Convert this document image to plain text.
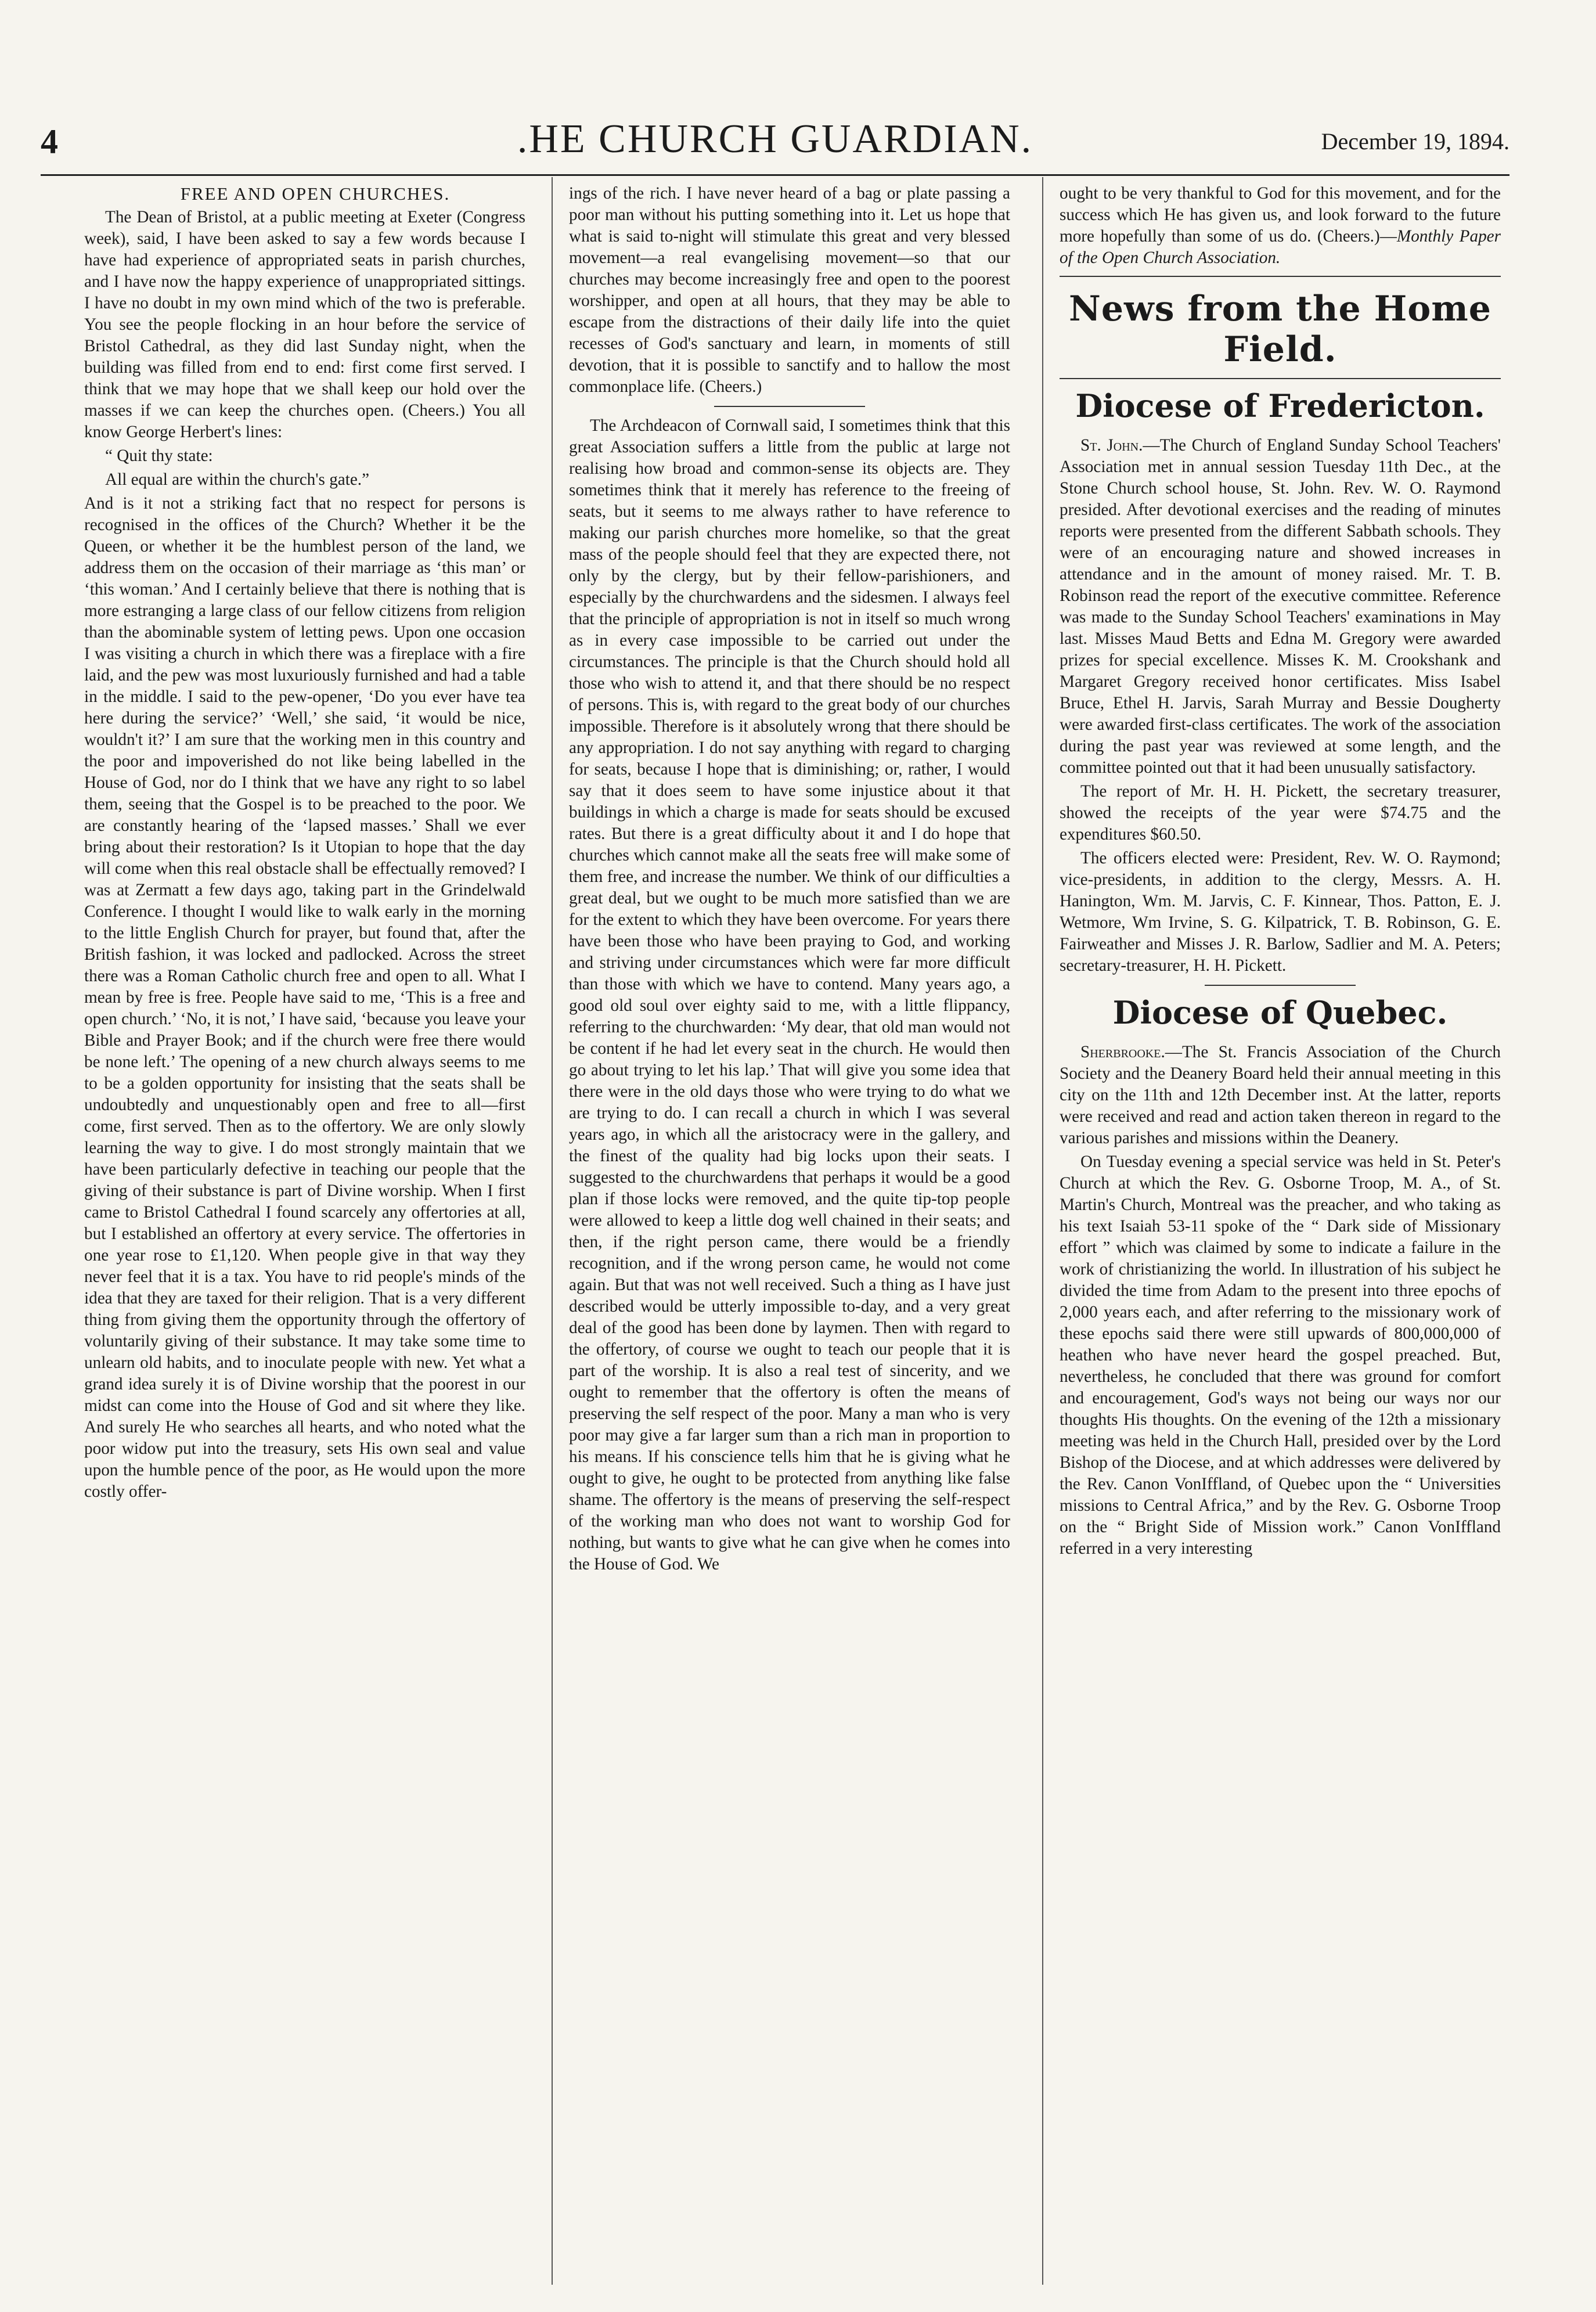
4	.HE CHURCH GUARDIAN.	December 19, 1894.

FREE AND OPEN CHURCHES.

The Dean of Bristol, at a public meeting at Exeter (Congress week), said, I have been asked to say a few words because I have had experience of appropriated seats in parish churches, and I have now the happy experience of unappropriated sittings. I have no doubt in my own mind which of the two is preferable. You see the people flocking in an hour before the service of Bristol Cathedral, as they did last Sunday night, when the building was filled from end to end: first come first served. I think that we may hope that we shall keep our hold over the masses if we can keep the churches open. (Cheers.) You all know George Herbert's lines:

“ Quit thy state:

All equal are within the church's gate.”

And is it not a striking fact that no respect for persons is recognised in the offices of the Church? Whether it be the Queen, or whether it be the humblest person of the land, we address them on the occasion of their marriage as ‘this man’ or ‘this woman.’ And I certainly believe that there is nothing that is more estranging a large class of our fellow citizens from religion than the abominable system of letting pews. Upon one occasion I was visiting a church in which there was a fireplace with a fire laid, and the pew was most luxuriously furnished and had a table in the middle. I said to the pew-opener, ‘Do you ever have tea here during the service?’ ‘Well,’ she said, ‘it would be nice, wouldn't it?’ I am sure that the working men in this country and the poor and impoverished do not like being labelled in the House of God, nor do I think that we have any right to so label them, seeing that the Gospel is to be preached to the poor. We are constantly hearing of the ‘lapsed masses.’ Shall we ever bring about their restoration? Is it Utopian to hope that the day will come when this real obstacle shall be effectually removed? I was at Zermatt a few days ago, taking part in the Grindelwald Conference. I thought I would like to walk early in the morning to the little English Church for prayer, but found that, after the British fashion, it was locked and padlocked. Across the street there was a Roman Catholic church free and open to all. What I mean by free is free. People have said to me, ‘This is a free and open church.’ ‘No, it is not,’ I have said, ‘because you leave your Bible and Prayer Book; and if the church were free there would be none left.’ The opening of a new church always seems to me to be a golden opportunity for insisting that the seats shall be undoubtedly and unquestionably open and free to all—first come, first served. Then as to the offertory. We are only slowly learning the way to give. I do most strongly maintain that we have been particularly defective in teaching our people that the giving of their substance is part of Divine worship. When I first came to Bristol Cathedral I found scarcely any offertories at all, but I established an offertory at every service. The offertories in one year rose to £1,120. When people give in that way they never feel that it is a tax. You have to rid people's minds of the idea that they are taxed for their religion. That is a very different thing from giving them the opportunity through the offertory of voluntarily giving of their substance. It may take some time to unlearn old habits, and to inoculate people with new. Yet what a grand idea surely it is of Divine worship that the poorest in our midst can come into the House of God and sit where they like. And surely He who searches all hearts, and who noted what the poor widow put into the treasury, sets His own seal and value upon the humble pence of the poor, as He would upon the more costly offer-

ings of the rich. I have never heard of a bag or plate passing a poor man without his putting something into it. Let us hope that what is said to-night will stimulate this great and very blessed movement—a real evangelising movement—so that our churches may become increasingly free and open to the poorest worshipper, and open at all hours, that they may be able to escape from the distractions of their daily life into the quiet recesses of God's sanctuary and learn, in moments of still devotion, that it is possible to sanctify and to hallow the most commonplace life. (Cheers.)

The Archdeacon of Cornwall said, I sometimes think that this great Association suffers a little from the public at large not realising how broad and common-sense its objects are. They sometimes think that it merely has reference to the freeing of seats, but it seems to me always rather to have reference to making our parish churches more homelike, so that the great mass of the people should feel that they are expected there, not only by the clergy, but by their fellow-parishioners, and especially by the churchwardens and the sidesmen. I always feel that the principle of appropriation is not in itself so much wrong as in every case impossible to be carried out under the circumstances. The principle is that the Church should hold all those who wish to attend it, and that there should be no respect of persons. This is, with regard to the great body of our churches impossible. Therefore is it absolutely wrong that there should be any appropriation. I do not say anything with regard to charging for seats, because I hope that is diminishing; or, rather, I would say that it does seem to have some injustice about it that buildings in which a charge is made for seats should be excused rates. But there is a great difficulty about it and I do hope that churches which cannot make all the seats free will make some of them free, and increase the number. We think of our difficulties a great deal, but we ought to be much more satisfied than we are for the extent to which they have been overcome. For years there have been those who have been praying to God, and working and striving under circumstances which were far more difficult than those with which we have to contend. Many years ago, a good old soul over eighty said to me, with a little flippancy, referring to the churchwarden: ‘My dear, that old man would not be content if he had let every seat in the church. He would then go about trying to let his lap.’ That will give you some idea that there were in the old days those who were trying to do what we are trying to do. I can recall a church in which I was several years ago, in which all the aristocracy were in the gallery, and the finest of the quality had big locks upon their seats. I suggested to the churchwardens that perhaps it would be a good plan if those locks were removed, and the quite tip-top people were allowed to keep a little dog well chained in their seats; and then, if the right person came, there would be a friendly recognition, and if the wrong person came, he would not come again. But that was not well received. Such a thing as I have just described would be utterly impossible to-day, and a very great deal of the good has been done by laymen. Then with regard to the offertory, of course we ought to teach our people that it is part of the worship. It is also a real test of sincerity, and we ought to remember that the offertory is often the means of preserving the self respect of the poor. Many a man who is very poor may give a far larger sum than a rich man in proportion to his means. If his conscience tells him that he is giving what he ought to give, he ought to be protected from anything like false shame. The offertory is the means of preserving the self-respect of the working man who does not want to worship God for nothing, but wants to give what he can give when he comes into the House of God. We

ought to be very thankful to God for this movement, and for the success which He has given us, and look forward to the future more hopefully than some of us do. (Cheers.)—Monthly Paper of the Open Church Association.

News from the Home Field.
Diocese of Fredericton.

St. John.—The Church of England Sunday School Teachers' Association met in annual session Tuesday 11th Dec., at the Stone Church school house, St. John. Rev. W. O. Raymond presided. After devotional exercises and the reading of minutes reports were presented from the different Sabbath schools. They were of an encouraging nature and showed increases in attendance and in the amount of money raised. Mr. T. B. Robinson read the report of the executive committee. Reference was made to the Sunday School Teachers' examinations in May last. Misses Maud Betts and Edna M. Gregory were awarded prizes for special excellence. Misses K. M. Crookshank and Margaret Gregory received honor certificates. Miss Isabel Bruce, Ethel H. Jarvis, Sarah Murray and Bessie Dougherty were awarded first-class certificates. The work of the association during the past year was reviewed at some length, and the committee pointed out that it had been unusually satisfactory.

The report of Mr. H. H. Pickett, the secretary treasurer, showed the receipts of the year were $74.75 and the expenditures $60.50.

The officers elected were: President, Rev. W. O. Raymond; vice-presidents, in addition to the clergy, Messrs. A. H. Hanington, Wm. M. Jarvis, C. F. Kinnear, Thos. Patton, E. J. Wetmore, Wm Irvine, S. G. Kilpatrick, T. B. Robinson, G. E. Fairweather and Misses J. R. Barlow, Sadlier and M. A. Peters; secretary-treasurer, H. H. Pickett.

Diocese of Quebec.

Sherbrooke.—The St. Francis Association of the Church Society and the Deanery Board held their annual meeting in this city on the 11th and 12th December inst. At the latter, reports were received and read and action taken thereon in regard to the various parishes and missions within the Deanery.

On Tuesday evening a special service was held in St. Peter's Church at which the Rev. G. Osborne Troop, M. A., of St. Martin's Church, Montreal was the preacher, and who taking as his text Isaiah 53-11 spoke of the “ Dark side of Missionary effort ” which was claimed by some to indicate a failure in the work of christianizing the world. In illustration of his subject he divided the time from Adam to the present into three epochs of 2,000 years each, and after referring to the missionary work of these epochs said there were still upwards of 800,000,000 of heathen who have never heard the gospel preached. But, nevertheless, he concluded that there was ground for comfort and encouragement, God's ways not being our ways nor our thoughts His thoughts. On the evening of the 12th a missionary meeting was held in the Church Hall, presided over by the Lord Bishop of the Diocese, and at which addresses were delivered by the Rev. Canon VonIffland, of Quebec upon the “ Universities missions to Central Africa,” and by the Rev. G. Osborne Troop on the “ Bright Side of Mission work.” Canon VonIffland referred in a very interesting
